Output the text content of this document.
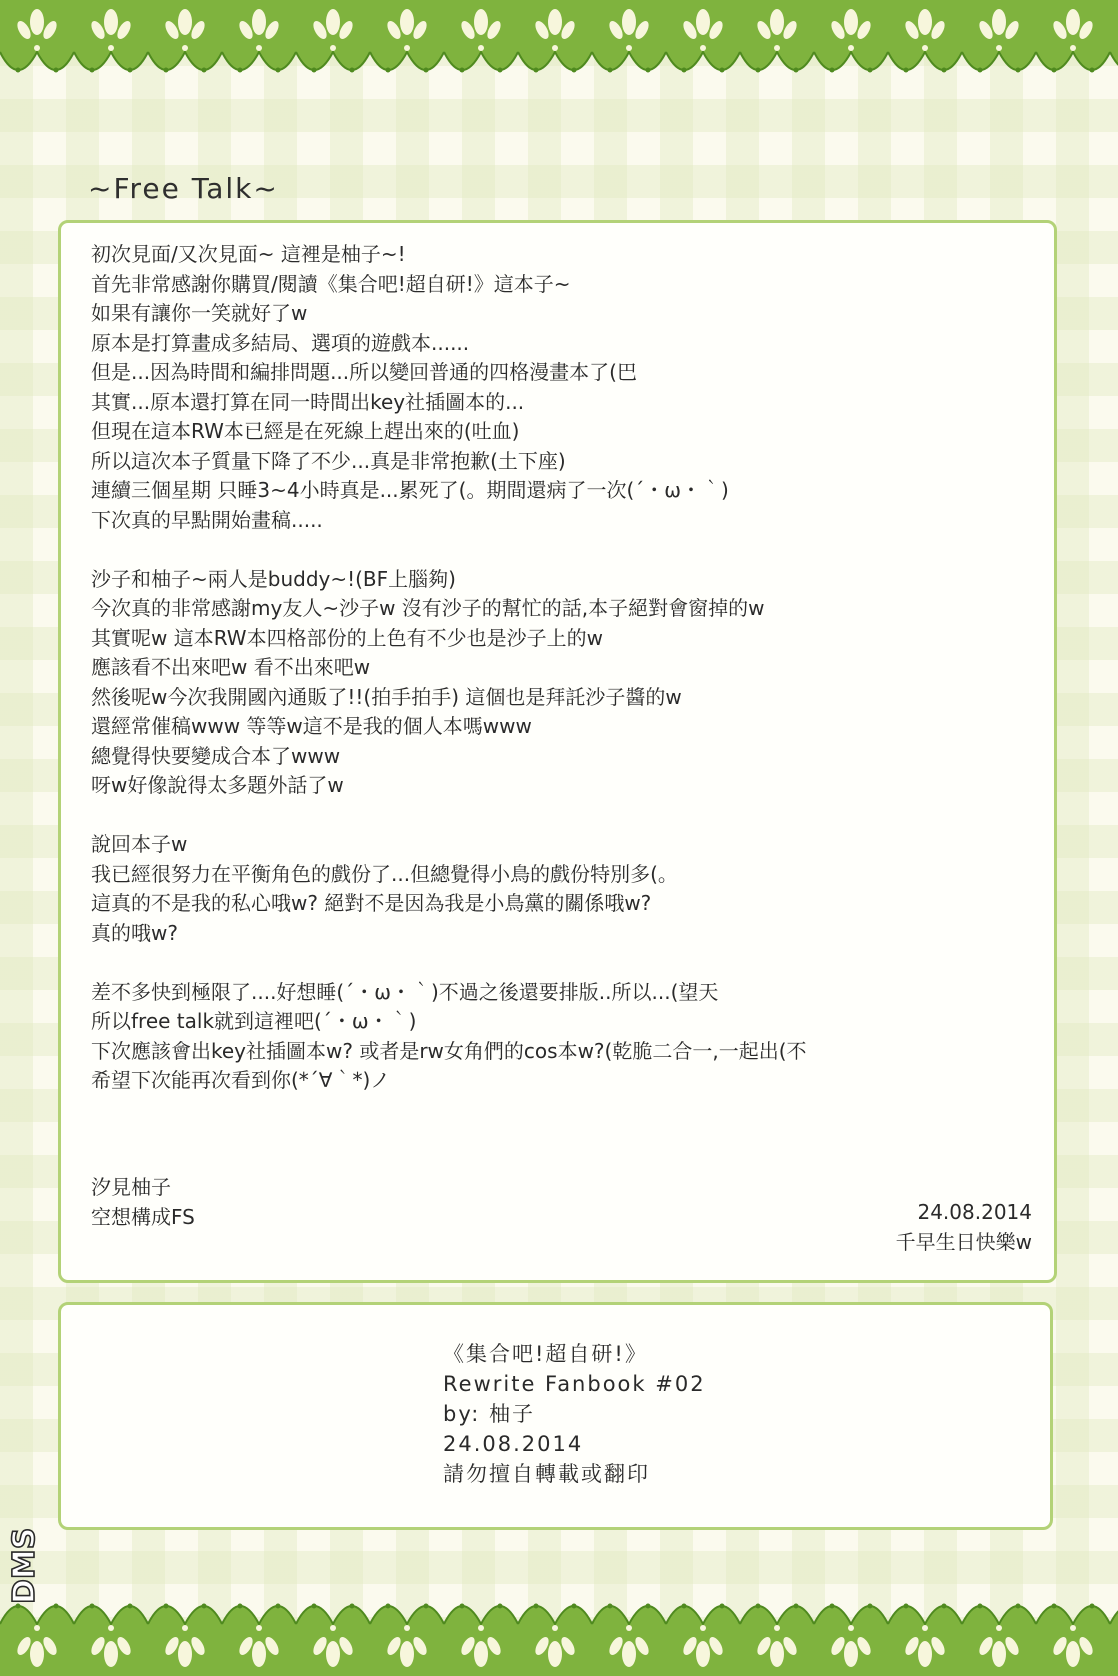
~Free Talk~
初次見面/又次見面~ 這裡是柚子~!
首先非常感謝你購買/閱讀《集合吧!超自研!》這本子~
如果有讓你一笑就好了w
原本是打算畫成多結局、選項的遊戲本......
但是...因為時間和編排問題...所以變回普通的四格漫畫本了(巴
其實...原本還打算在同一時間出key社插圖本的...
但現在這本RW本已經是在死線上趕出來的(吐血)
所以這次本子質量下降了不少...真是非常抱歉(土下座)
連續三個星期 只睡3~4小時真是...累死了(。期間還病了一次(´・ω・｀)
下次真的早點開始畫稿.....
沙子和柚子~兩人是buddy~!(BF上腦夠)
今次真的非常感謝my友人~沙子w 沒有沙子的幫忙的話,本子絕對會窗掉的w
其實呢w 這本RW本四格部份的上色有不少也是沙子上的w
應該看不出來吧w 看不出來吧w
然後呢w今次我開國內通販了!!(拍手拍手) 這個也是拜託沙子醬的w
還經常催稿www 等等w這不是我的個人本嗎www
總覺得快要變成合本了www
呀w好像說得太多題外話了w
說回本子w
我已經很努力在平衡角色的戲份了...但總覺得小鳥的戲份特別多(。
這真的不是我的私心哦w? 絕對不是因為我是小鳥黨的關係哦w?
真的哦w?
差不多快到極限了....好想睡(´・ω・｀)不過之後還要排版..所以...(望天
所以free talk就到這裡吧(´・ω・｀)
下次應該會出key社插圖本w? 或者是rw女角們的cos本w?(乾脆二合一,一起出(不
希望下次能再次看到你(*´∀｀*)ノ
汐見柚子
空想構成FS	24.08.2014
千早生日快樂w
《集合吧!超自研!》
Rewrite Fanbook #02
by: 柚子
24.08.2014
請勿擅自轉載或翻印
DMS
